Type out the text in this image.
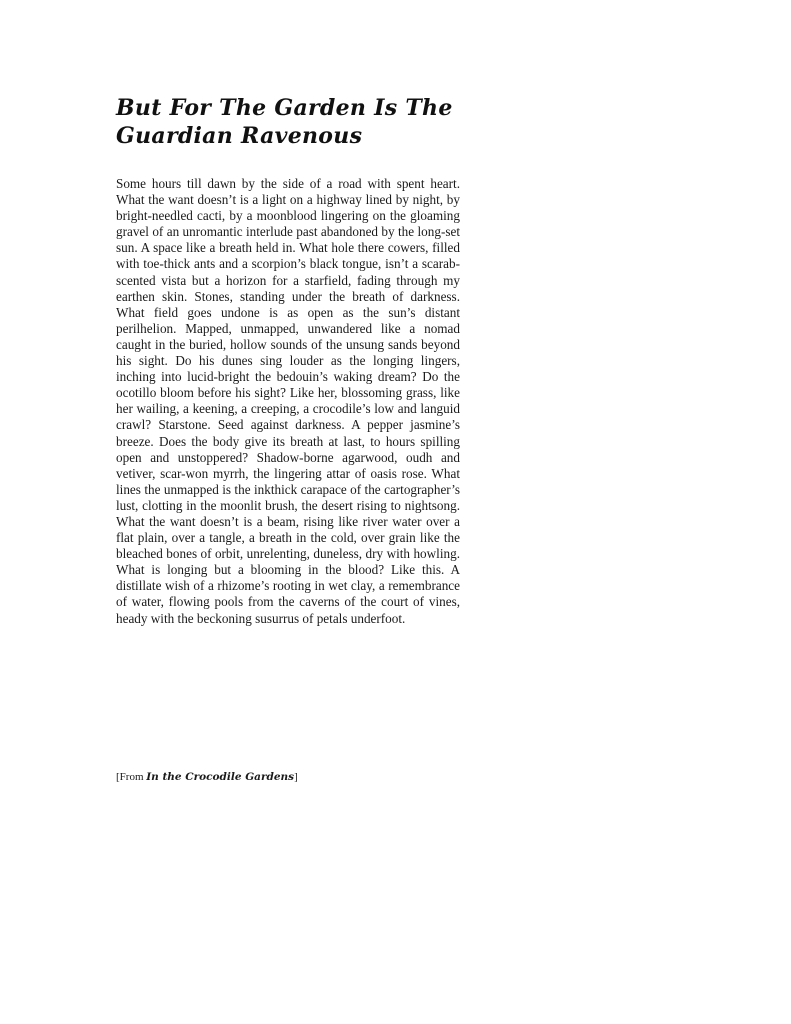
But For The Garden Is The Guardian Ravenous

Some hours till dawn by the side of a road with spent heart. What the want doesn’t is a light on a highway lined by night, by bright-needled cacti, by a moonblood lingering on the gloaming gravel of an unromantic interlude past abandoned by the long-set sun. A space like a breath held in. What hole there cowers, filled with toe-thick ants and a scorpion’s black tongue, isn’t a scarab-scented vista but a horizon for a starfield, fading through my earthen skin. Stones, standing under the breath of darkness. What field goes undone is as open as the sun’s distant perilhelion. Mapped, unmapped, unwandered like a nomad caught in the buried, hollow sounds of the unsung sands beyond his sight. Do his dunes sing louder as the longing lingers, inching into lucid-bright the bedouin’s waking dream? Do the ocotillo bloom before his sight? Like her, blossoming grass, like her wailing, a keening, a creeping, a crocodile’s low and languid crawl? Starstone. Seed against darkness. A pepper jasmine’s breeze. Does the body give its breath at last, to hours spilling open and unstoppered? Shadow-borne agarwood, oudh and vetiver, scar-won myrrh, the lingering attar of oasis rose. What lines the unmapped is the inkthick carapace of the cartographer’s lust, clotting in the moonlit brush, the desert rising to nightsong. What the want doesn’t is a beam, rising like river water over a flat plain, over a tangle, a breath in the cold, over grain like the bleached bones of orbit, unrelenting, duneless, dry with howling. What is longing but a blooming in the blood? Like this. A distillate wish of a rhizome’s rooting in wet clay, a remembrance of water, flowing pools from the caverns of the court of vines, heady with the beckoning susurrus of petals underfoot.

[From In the Crocodile Gardens]
